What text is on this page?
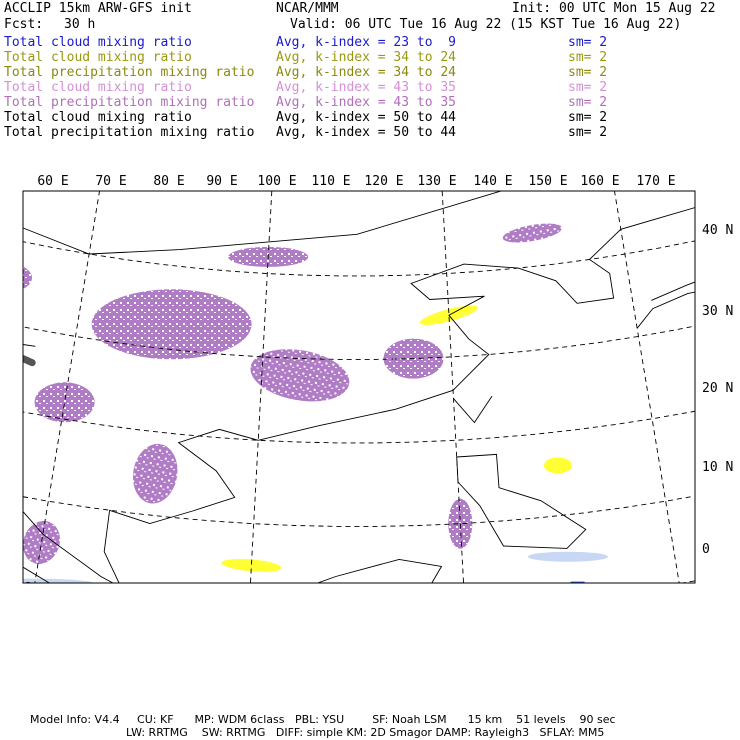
ACCLIP 15km ARW-GFS init	NCAR/MMM	Init: 00 UTC Mon 15 Aug 22
Fcst: 30 h	Valid: 06 UTC Tue 16 Aug 22 (15 KST Tue 16 Aug 22)
Total cloud mixing ratio	Avg, k-index = 23 to  9	sm= 2
Total cloud mixing ratio	Avg, k-index = 34 to 24	sm= 2
Total precipitation mixing ratio Avg, k-index = 34 to 24	sm= 2
Total cloud mixing ratio	Avg, k-index = 43 to 35	sm= 2
Total precipitation mixing ratio Avg, k-index = 43 to 35	sm= 2
Total cloud mixing ratio	Avg, k-index = 50 to 44	sm= 2
Total precipitation mixing ratio Avg, k-index = 50 to 44	sm= 2
60 E 70 E 80 E 90 E 100 E 110 E 120 E 130 E 140 E 150 E 160 E 170 E
40 N
30 N
20 N
10 N
0
Model Info: V4.4     CU: KF      MP: WDM 6class   PBL: YSU        SF: Noah LSM      15 km    51 levels    90 sec
LW: RRTMG    SW: RRTMG   DIFF: simple KM: 2D Smagor DAMP: Rayleigh3   SFLAY: MM5
